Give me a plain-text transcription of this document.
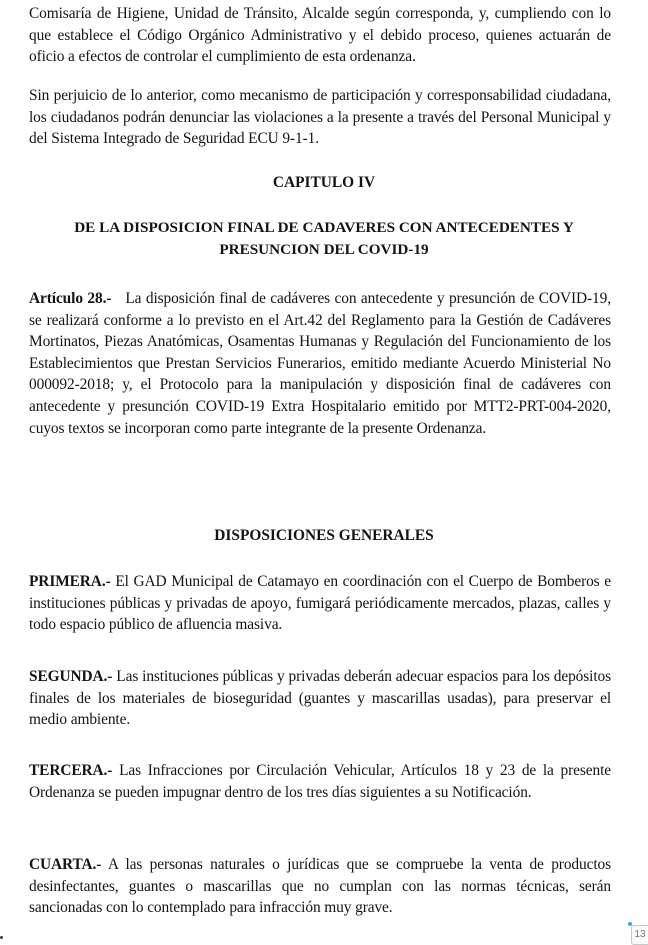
Comisaría de Higiene, Unidad de Tránsito, Alcalde según corresponda, y, cumpliendo con lo que establece el Código Orgánico Administrativo y el debido proceso, quienes actuarán de oficio a efectos de controlar el cumplimiento de esta ordenanza.

Sin perjuicio de lo anterior, como mecanismo de participación y corresponsabilidad ciudadana, los ciudadanos podrán denunciar las violaciones a la presente a través del Personal Municipal y del Sistema Integrado de Seguridad ECU 9-1-1.

CAPITULO IV

DE LA DISPOSICION FINAL DE CADAVERES CON ANTECEDENTES Y PRESUNCION DEL COVID-19

Artículo 28.- La disposición final de cadáveres con antecedente y presunción de COVID-19, se realizará conforme a lo previsto en el Art.42 del Reglamento para la Gestión de Cadáveres Mortinatos, Piezas Anatómicas, Osamentas Humanas y Regulación del Funcionamiento de los Establecimientos que Prestan Servicios Funerarios, emitido mediante Acuerdo Ministerial No 000092-2018; y, el Protocolo para la manipulación y disposición final de cadáveres con antecedente y presunción COVID-19 Extra Hospitalario emitido por MTT2-PRT-004-2020, cuyos textos se incorporan como parte integrante de la presente Ordenanza.

DISPOSICIONES GENERALES

PRIMERA.- El GAD Municipal de Catamayo en coordinación con el Cuerpo de Bomberos e instituciones públicas y privadas de apoyo, fumigará periódicamente mercados, plazas, calles y todo espacio público de afluencia masiva.

SEGUNDA.- Las instituciones públicas y privadas deberán adecuar espacios para los depósitos finales de los materiales de bioseguridad (guantes y mascarillas usadas), para preservar el medio ambiente.

TERCERA.- Las Infracciones por Circulación Vehicular, Artículos 18 y 23 de la presente Ordenanza se pueden impugnar dentro de los tres días siguientes a su Notificación.

CUARTA.- A las personas naturales o jurídicas que se compruebe la venta de productos desinfectantes, guantes o mascarillas que no cumplan con las normas técnicas, serán sancionadas con lo contemplado para infracción muy grave.

13
